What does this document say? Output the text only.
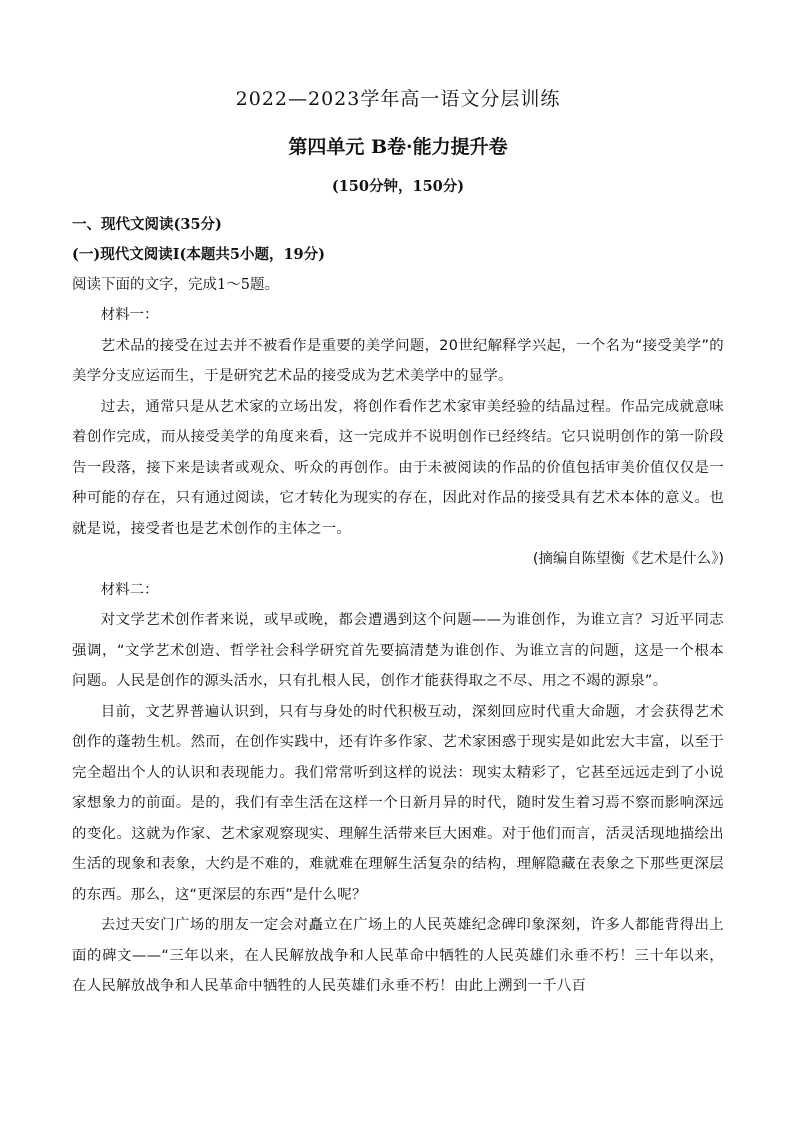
2022—2023学年高一语文分层训练
第四单元 B卷·能力提升卷
(150分钟，150分)
一、现代文阅读(35分)
(一)现代文阅读Ⅰ(本题共5小题，19分)
阅读下面的文字，完成1～5题。
材料一：

艺术品的接受在过去并不被看作是重要的美学问题，20世纪解释学兴起，一个名为“接受美学”的美学分支应运而生，于是研究艺术品的接受成为艺术美学中的显学。

过去，通常只是从艺术家的立场出发，将创作看作艺术家审美经验的结晶过程。作品完成就意味着创作完成，而从接受美学的角度来看，这一完成并不说明创作已经终结。它只说明创作的第一阶段告一段落，接下来是读者或观众、听众的再创作。由于未被阅读的作品的价值包括审美价值仅仅是一种可能的存在，只有通过阅读，它才转化为现实的存在，因此对作品的接受具有艺术本体的意义。也就是说，接受者也是艺术创作的主体之一。

(摘编自陈望衡《艺术是什么》)
材料二：

对文学艺术创作者来说，或早或晚，都会遭遇到这个问题——为谁创作，为谁立言？习近平同志强调，“文学艺术创造、哲学社会科学研究首先要搞清楚为谁创作、为谁立言的问题，这是一个根本问题。人民是创作的源头活水，只有扎根人民，创作才能获得取之不尽、用之不竭的源泉”。

目前，文艺界普遍认识到，只有与身处的时代积极互动，深刻回应时代重大命题，才会获得艺术创作的蓬勃生机。然而，在创作实践中，还有许多作家、艺术家困惑于现实是如此宏大丰富，以至于完全超出个人的认识和表现能力。我们常常听到这样的说法：现实太精彩了，它甚至远远走到了小说家想象力的前面。是的，我们有幸生活在这样一个日新月异的时代，随时发生着习焉不察而影响深远的变化。这就为作家、艺术家观察现实、理解生活带来巨大困难。对于他们而言，活灵活现地描绘出生活的现象和表象，大约是不难的，难就难在理解生活复杂的结构，理解隐藏在表象之下那些更深层的东西。那么，这“更深层的东西”是什么呢？

去过天安门广场的朋友一定会对矗立在广场上的人民英雄纪念碑印象深刻，许多人都能背得出上面的碑文——“三年以来，在人民解放战争和人民革命中牺牲的人民英雄们永垂不朽！三十年以来，在人民解放战争和人民革命中牺牲的人民英雄们永垂不朽！由此上溯到一千八百
